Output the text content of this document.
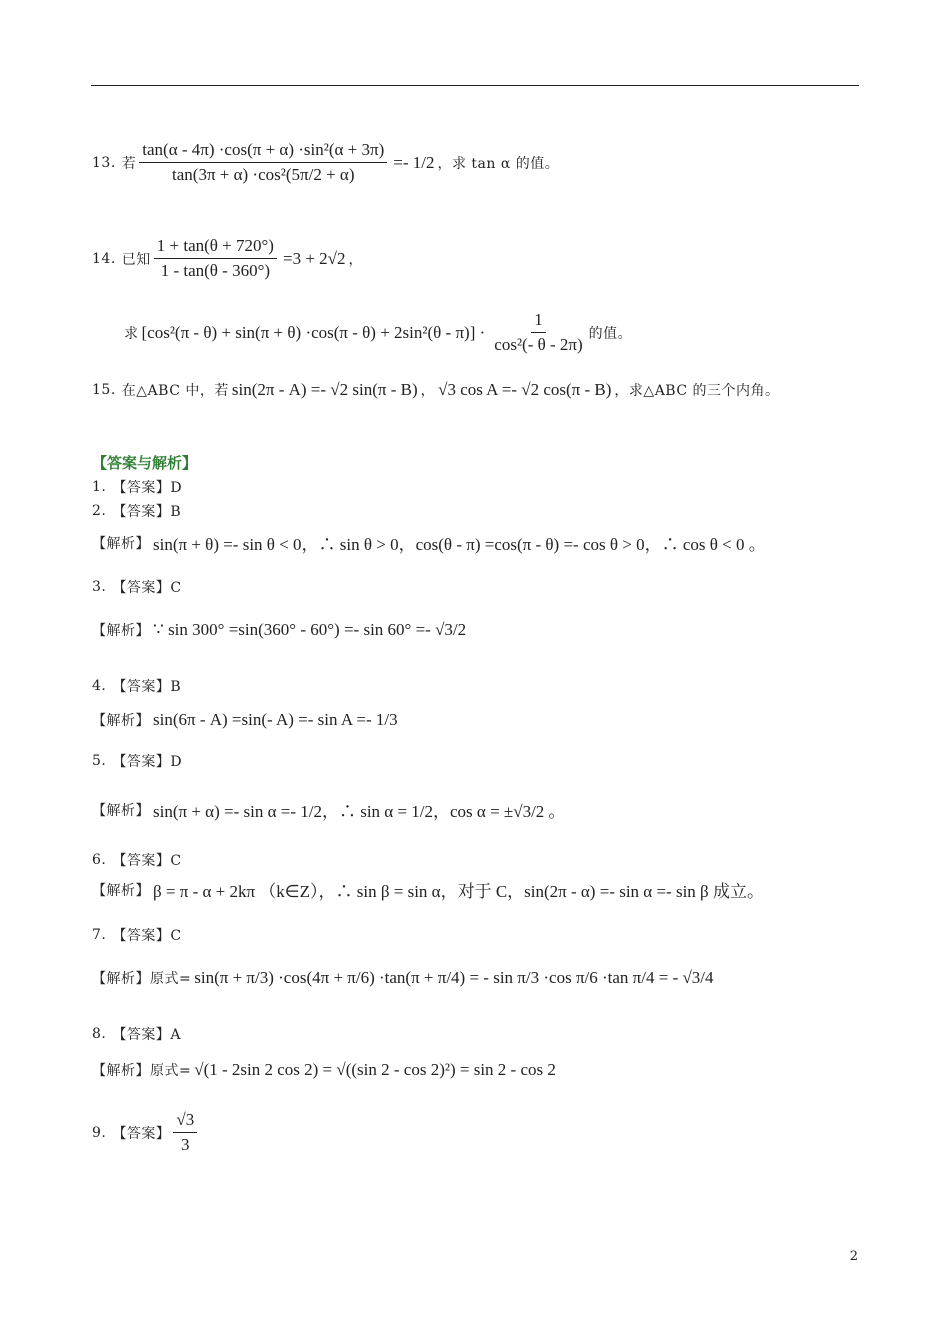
13. 若 $\frac{\text{tan(α - 4π) ·cos(π + α) ·sin²(α + 3π)}}{\text{tan(3π + α) ·cos²(5π/2 + α)}} =- 1/2$ ，求 tan α 的值。
14. 已知 $\frac{1 + \tan(\theta + 720^\circ)}{1 - \tan(\theta - 360^\circ)} =3 + 2√2$ ，
求 $[\cos^2(\pi - \theta) + \sin(\pi + \theta) \cdot\cos(\pi - \theta) + 2\sin^2(\theta - \pi)] \cdot \frac{1}{\text{cos²(- θ - 2π)}}$ 的值。
15. 在△ABC 中，若 sin(2π - A) =- √2 sin(π - B) ， √3 cos A =- √2 cos(π - B) ，求△ABC 的三个内角。
【答案与解析】
1. 【答案】D
2. 【答案】B
【解析】 sin(π + θ) =- sin θ < 0，∴ sin θ > 0，cos(θ - π) =cos(π - θ) =- cos θ > 0，∴ cos θ < 0 。
3. 【答案】C
【解析】 ∵ sin 300° =sin(360° - 60°) =- sin 60° =- √3/2
4. 【答案】B
【解析】 sin(6π - A) =sin(- A) =- sin A =- 1/3
5. 【答案】D
【解析】 sin(π + α) =- sin α =- 1/2，∴ sin α = 1/2，cos α = ±√3/2 。
6. 【答案】C
【解析】 β = π - α + 2kπ （k∈Z），∴ sin β = sin α，对于 C，sin(2π - α) =- sin α =- sin β 成立。
7. 【答案】C
【解析】原式= sin(π + π/3) ·cos(4π + π/6) ·tan(π + π/4) = - sin π/3 ·cos π/6 ·tan π/4 = - √3/4
8. 【答案】A
【解析】原式= √(1 - 2sin 2 cos 2) = √((sin 2 - cos 2)²) = sin 2 - cos 2
9. 【答案】 $\frac{√3}{3}$
2
